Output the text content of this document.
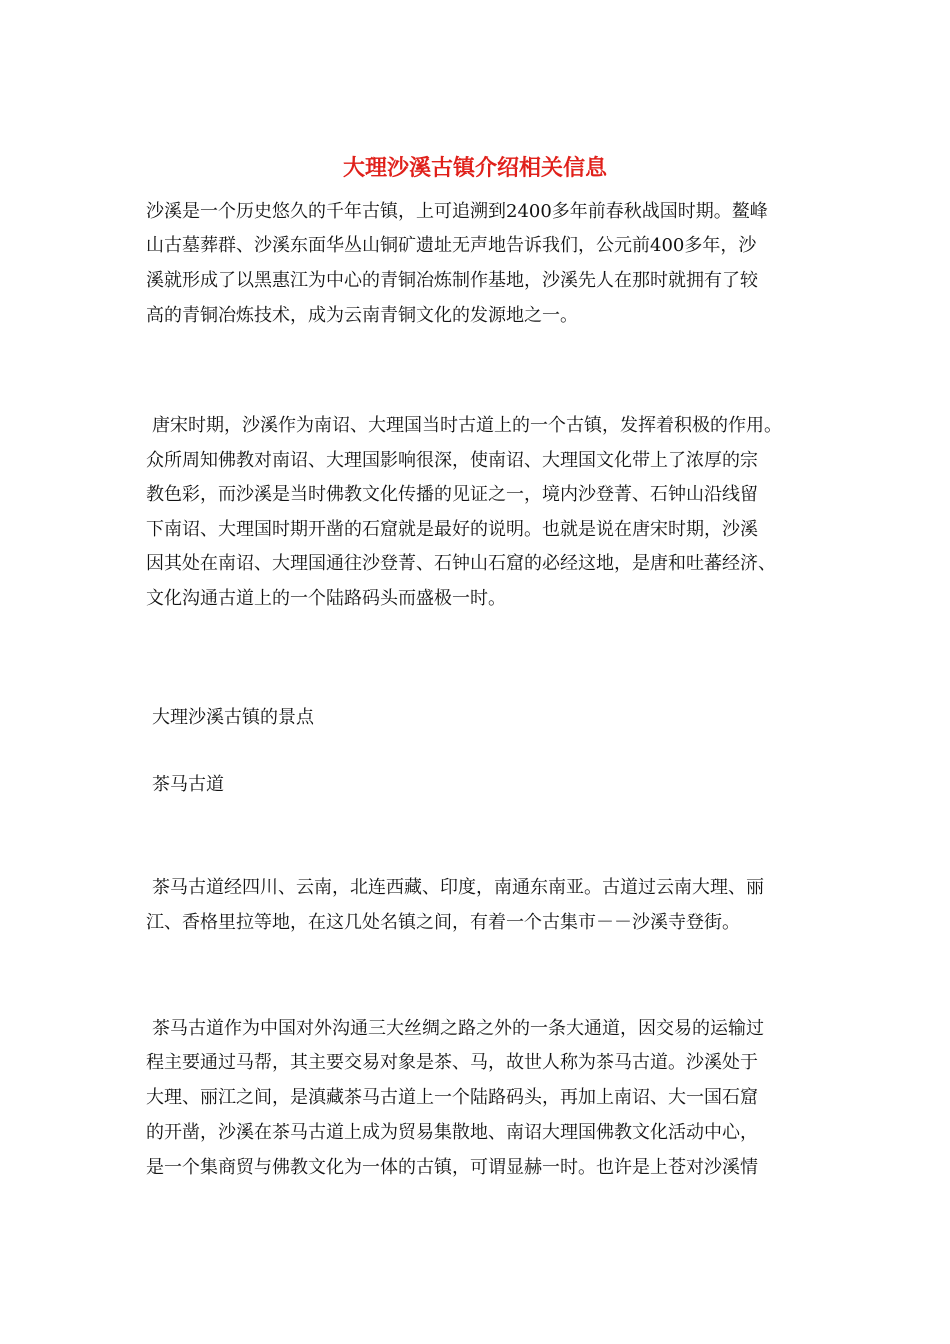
大理沙溪古镇介绍相关信息
沙溪是一个历史悠久的千年古镇，上可追溯到2400多年前春秋战国时期。鳌峰
山古墓葬群、沙溪东面华丛山铜矿遗址无声地告诉我们，公元前400多年，沙
溪就形成了以黑惠江为中心的青铜冶炼制作基地，沙溪先人在那时就拥有了较
高的青铜冶炼技术，成为云南青铜文化的发源地之一。
唐宋时期，沙溪作为南诏、大理国当时古道上的一个古镇，发挥着积极的作用。
众所周知佛教对南诏、大理国影响很深，使南诏、大理国文化带上了浓厚的宗
教色彩，而沙溪是当时佛教文化传播的见证之一，境内沙登菁、石钟山沿线留
下南诏、大理国时期开凿的石窟就是最好的说明。也就是说在唐宋时期，沙溪
因其处在南诏、大理国通往沙登菁、石钟山石窟的必经这地，是唐和吐蕃经济、
文化沟通古道上的一个陆路码头而盛极一时。
大理沙溪古镇的景点
茶马古道
茶马古道经四川、云南，北连西藏、印度，南通东南亚。古道过云南大理、丽
江、香格里拉等地，在这几处名镇之间，有着一个古集市－－沙溪寺登街。
茶马古道作为中国对外沟通三大丝绸之路之外的一条大通道，因交易的运输过
程主要通过马帮，其主要交易对象是茶、马，故世人称为茶马古道。沙溪处于
大理、丽江之间，是滇藏茶马古道上一个陆路码头，再加上南诏、大一国石窟
的开凿，沙溪在茶马古道上成为贸易集散地、南诏大理国佛教文化活动中心，
是一个集商贸与佛教文化为一体的古镇，可谓显赫一时。也许是上苍对沙溪情
